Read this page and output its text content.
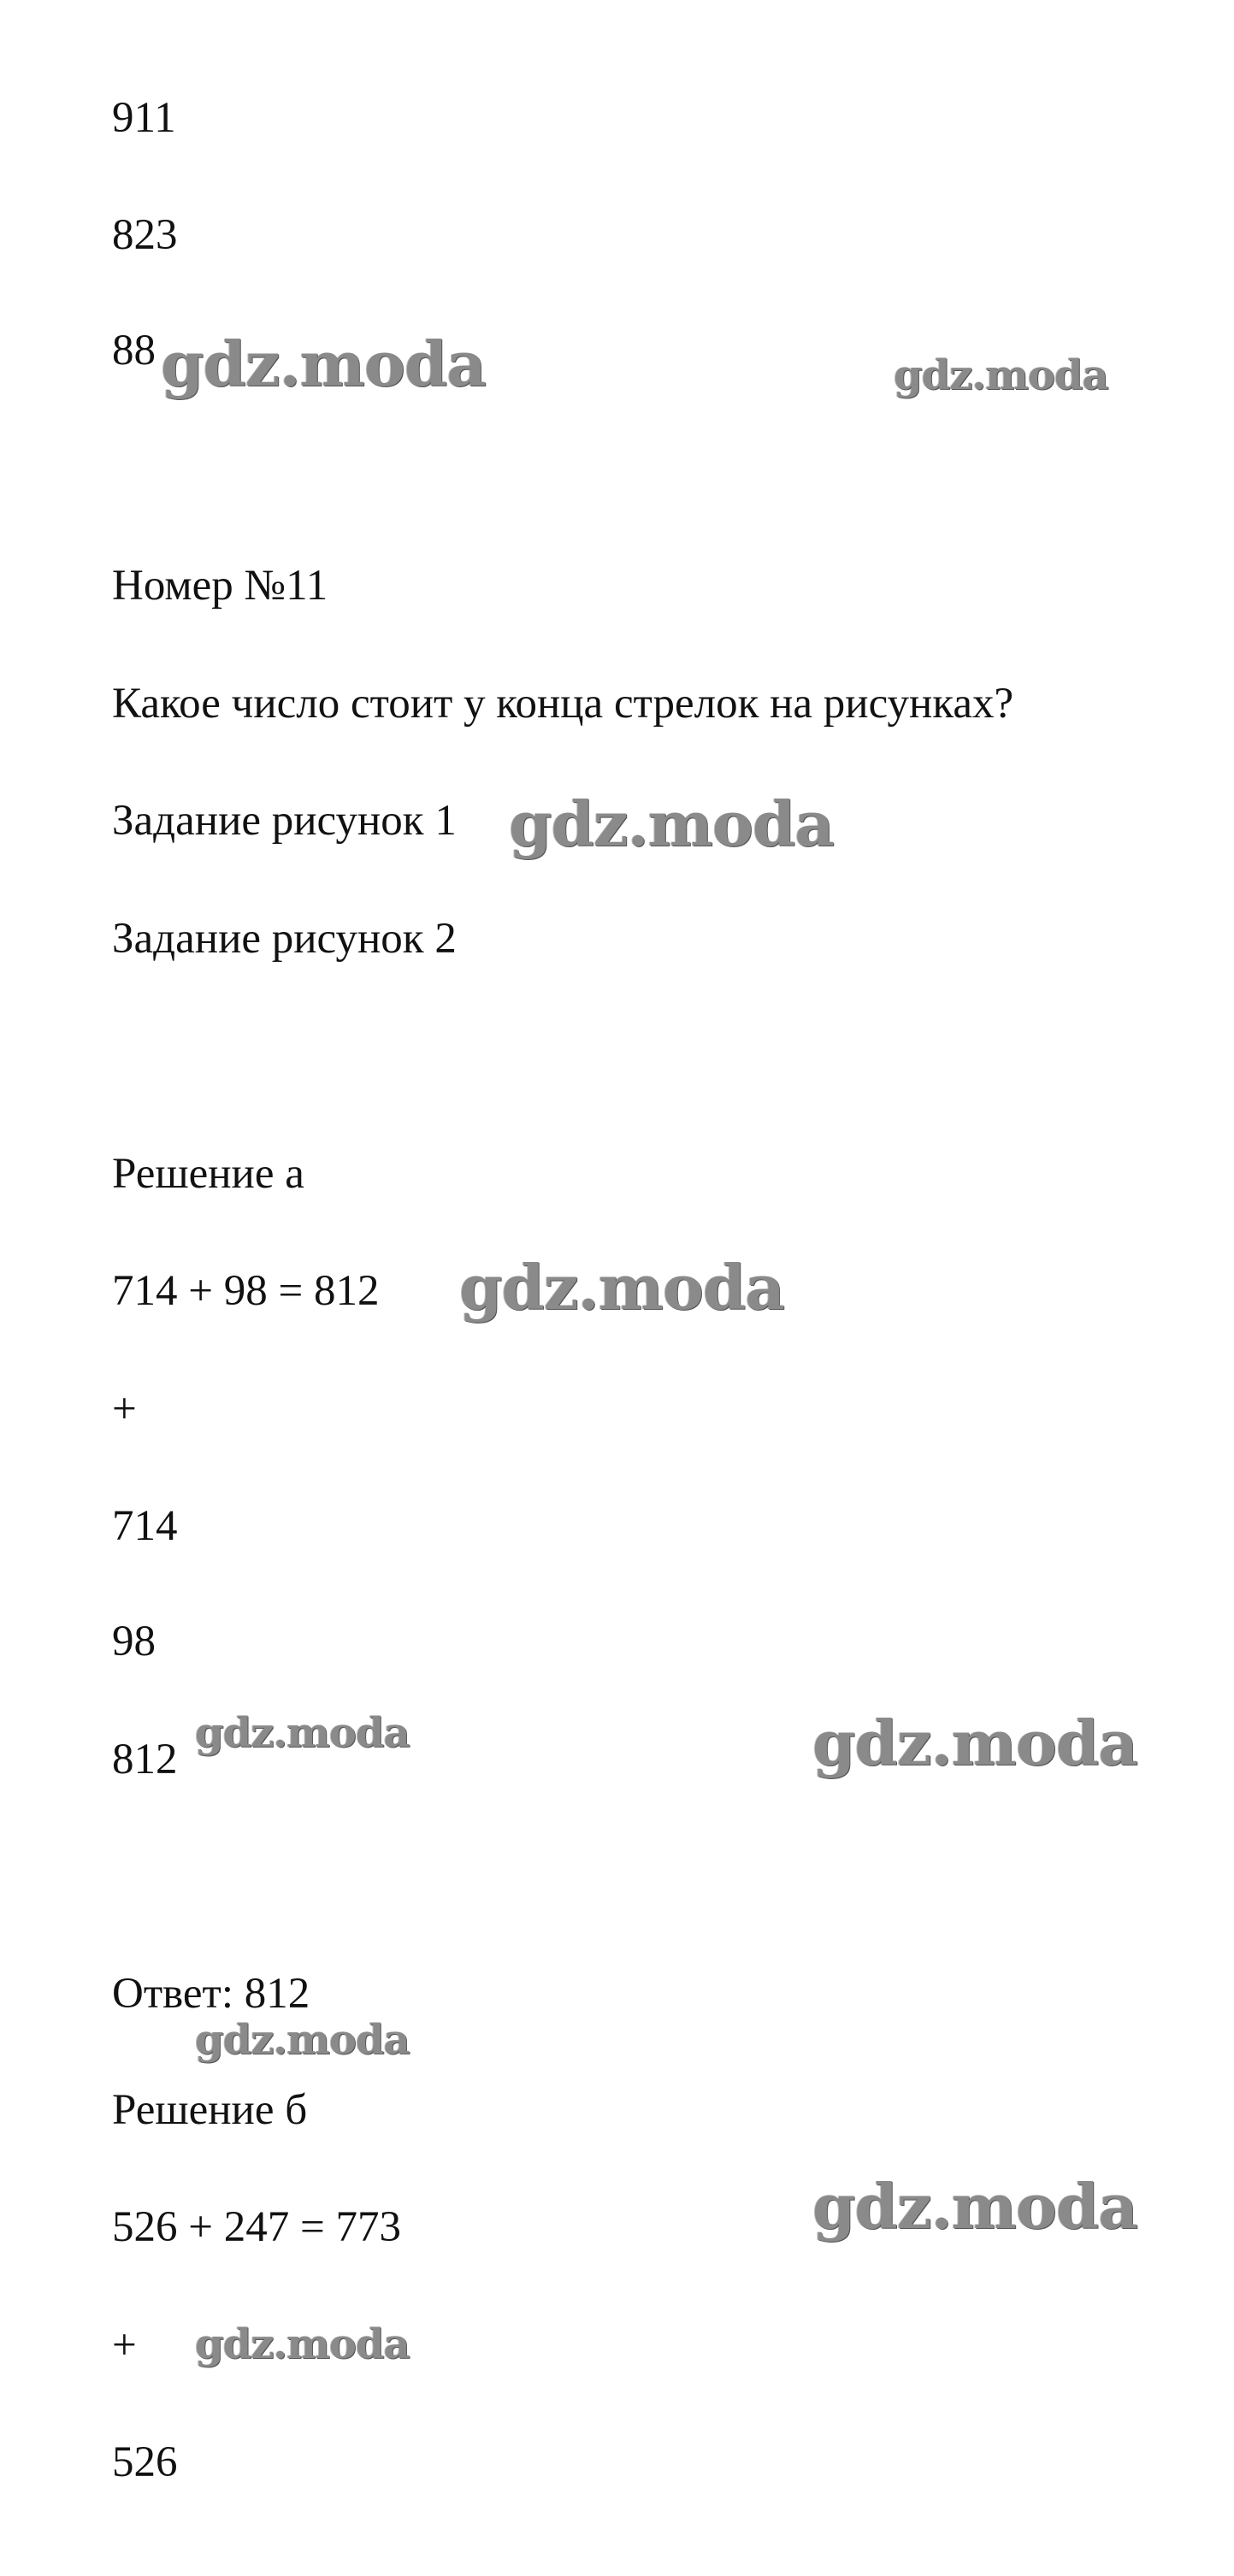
911

823

88

Номер №11

Какое число стоит у конца стрелок на рисунках?

Задание рисунок 1

Задание рисунок 2

Решение а

714 + 98 = 812

+

714

98

812

Ответ: 812

Решение б

526 + 247 = 773

+

526

gdz.moda	gdz.moda
gdz.moda
gdz.moda
gdz.moda	gdz.moda
gdz.moda
gdz.moda
gdz.moda
